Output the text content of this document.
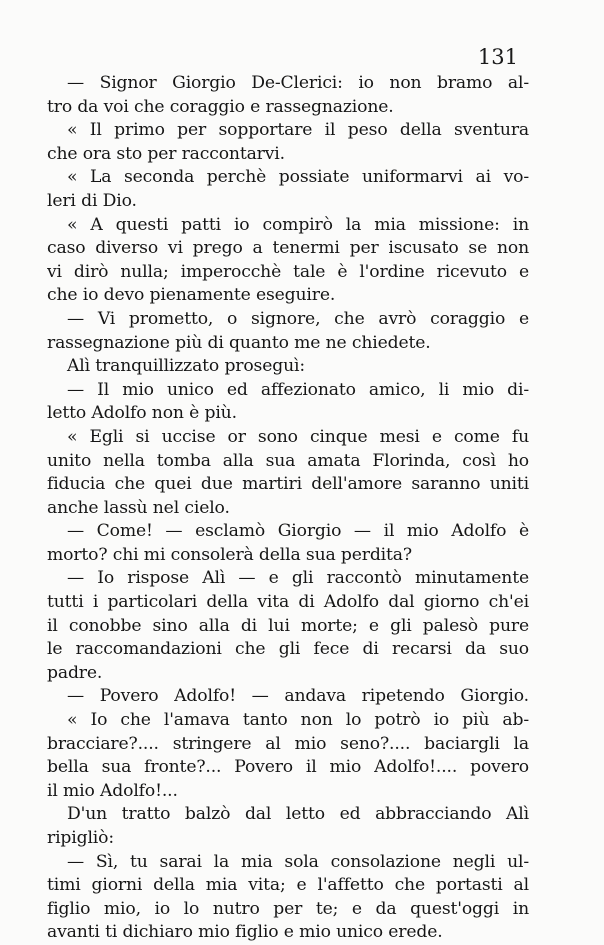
131
— Signor Giorgio De-Clerici: io non bramo al-
tro da voi che coraggio e rassegnazione.
« Il primo per sopportare il peso della sventura
che ora sto per raccontarvi.
« La seconda perchè possiate uniformarvi ai vo-
leri di Dio.
« A questi patti io compirò la mia missione: in
caso diverso vi prego a tenermi per iscusato se non
vi dirò nulla; imperocchè tale è l'ordine ricevuto e
che io devo pienamente eseguire.
— Vi prometto, o signore, che avrò coraggio e
rassegnazione più di quanto me ne chiedete.
Alì tranquillizzato proseguì:
— Il mio unico ed affezionato amico, li mio di-
letto Adolfo non è più.
« Egli si uccise or sono cinque mesi e come fu
unito nella tomba alla sua amata Florinda, così ho
fiducia che quei due martiri dell'amore saranno uniti
anche lassù nel cielo.
— Come! — esclamò Giorgio — il mio Adolfo è
morto? chi mi consolerà della sua perdita?
— Io rispose Alì — e gli raccontò minutamente
tutti i particolari della vita di Adolfo dal giorno ch'ei
il conobbe sino alla di lui morte; e gli palesò pure
le raccomandazioni che gli fece di recarsi da suo
padre.
— Povero Adolfo! — andava ripetendo Giorgio.
« Io che l'amava tanto non lo potrò io più ab-
bracciare?.... stringere al mio seno?.... baciargli la
bella sua fronte?... Povero il mio Adolfo!.... povero
il mio Adolfo!...
D'un tratto balzò dal letto ed abbracciando Alì
ripigliò:
— Sì, tu sarai la mia sola consolazione negli ul-
timi giorni della mia vita; e l'affetto che portasti al
figlio mio, io lo nutro per te; e da quest'oggi in
avanti ti dichiaro mio figlio e mio unico erede.
